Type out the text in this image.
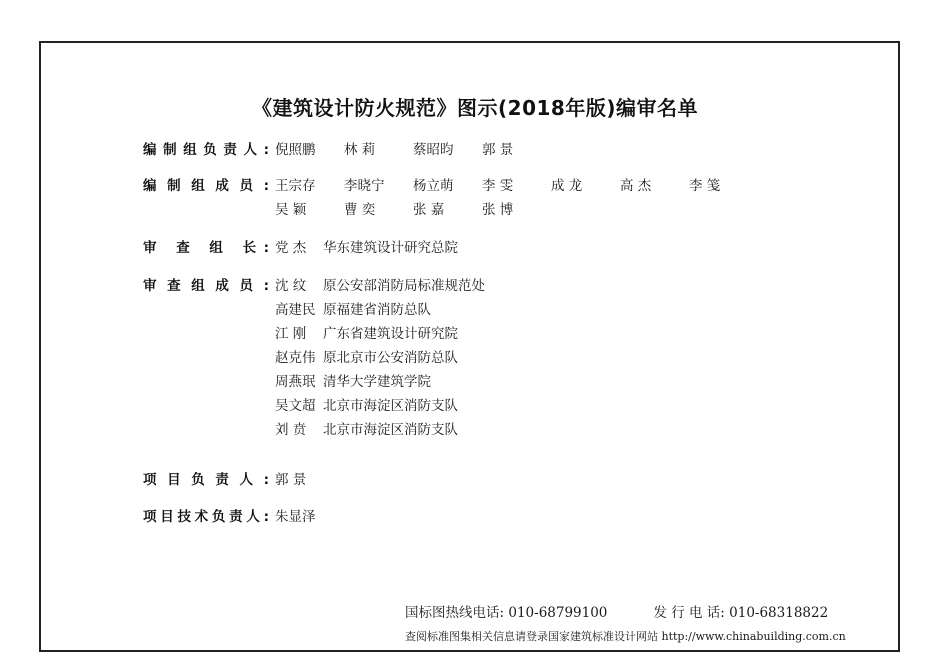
《建筑设计防火规范》图示(2018年版)编审名单
编制组负责人: 倪照鹏	林 莉	蔡昭昀	郭 景
编制组成员: 王宗存	李晓宁	杨立萌	李 雯	成 龙	高 杰	李 笺
吴 颖	曹 奕	张 嘉	张 博
审 查 组 长: 党 杰	华东建筑设计研究总院
审查组成员: 沈 纹	原公安部消防局标准规范处
高建民 原福建省消防总队
江 刚	广东省建筑设计研究院
赵克伟 原北京市公安消防总队
周燕珉 清华大学建筑学院
吴文超 北京市海淀区消防支队
刘 贲	北京市海淀区消防支队
项目负责人: 郭 景
项目技术负责人: 朱显泽
国标图热线电话: 010-68799100	发 行 电 话: 010-68318822
查阅标准图集相关信息请登录国家建筑标准设计网站 http://www.chinabuilding.com.cn
